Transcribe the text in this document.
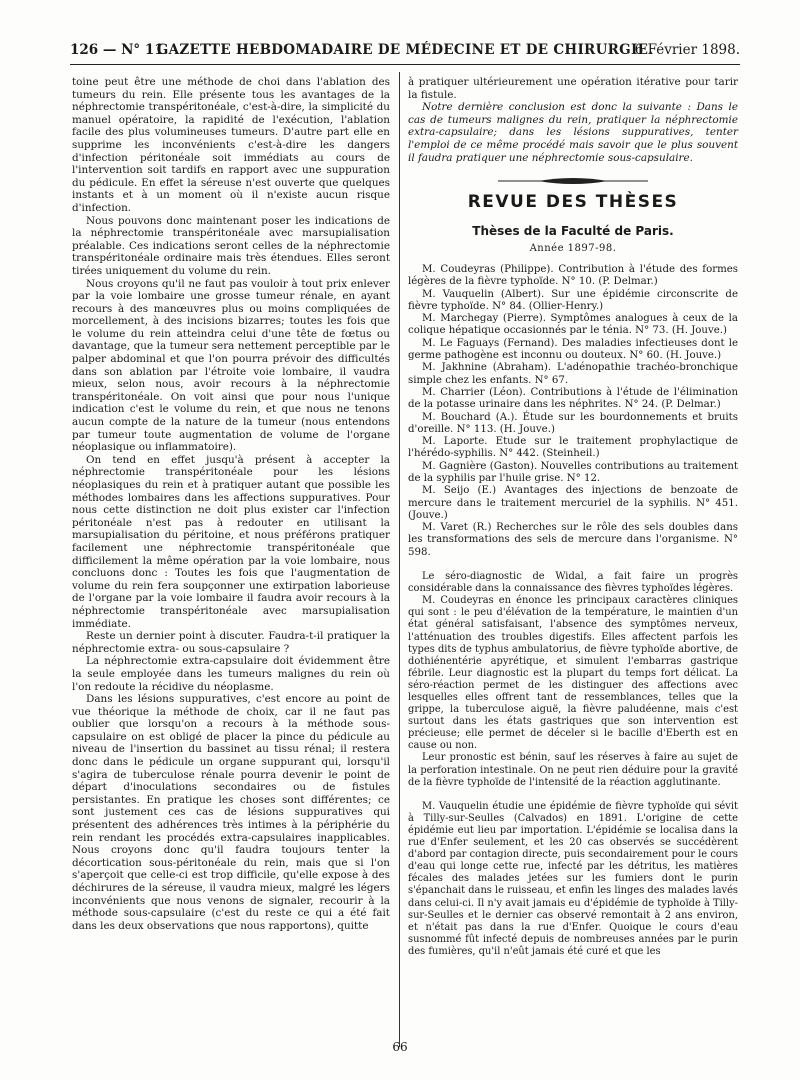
126 — N° 11.
GAZETTE HEBDOMADAIRE DE MÉDECINE ET DE CHIRURGIE.
6 Février 1898.

toine peut être une méthode de choi dans l'ablation des tumeurs du rein. Elle présente tous les avantages de la néphrectomie transpéritonéale, c'est-à-dire, la simplicité du manuel opératoire, la rapidité de l'exécution, l'ablation facile des plus volumineuses tumeurs. D'autre part elle en supprime les inconvénients c'est-à-dire les dangers d'infection péritonéale soit immédiats au cours de l'intervention soit tardifs en rapport avec une suppuration du pédicule. En effet la séreuse n'est ouverte que quelques instants et à un moment où il n'existe aucun risque d'infection.

Nous pouvons donc maintenant poser les indications de la néphrectomie transpéritonéale avec marsupialisation préalable. Ces indications seront celles de la néphrectomie transpéritonéale ordinaire mais très étendues. Elles seront tirées uniquement du volume du rein.

Nous croyons qu'il ne faut pas vouloir à tout prix enlever par la voie lombaire une grosse tumeur rénale, en ayant recours à des manœuvres plus ou moins compliquées de morcellement, à des incisions bizarres; toutes les fois que le volume du rein atteindra celui d'une tête de fœtus ou davantage, que la tumeur sera nettement perceptible par le palper abdominal et que l'on pourra prévoir des difficultés dans son ablation par l'étroite voie lombaire, il vaudra mieux, selon nous, avoir recours à la néphrectomie transpéritonéale. On voit ainsi que pour nous l'unique indication c'est le volume du rein, et que nous ne tenons aucun compte de la nature de la tumeur (nous entendons par tumeur toute augmentation de volume de l'organe néoplasique ou inflammatoire).

On tend en effet jusqu'à présent à accepter la néphrectomie transpéritonéale pour les lésions néoplasiques du rein et à pratiquer autant que possible les méthodes lombaires dans les affections suppuratives. Pour nous cette distinction ne doit plus exister car l'infection péritonéale n'est pas à redouter en utilisant la marsupialisation du péritoine, et nous préférons pratiquer facilement une néphrectomie transpéritonéale que difficilement la même opération par la voie lombaire, nous concluons donc : Toutes les fois que l'augmentation de volume du rein fera soupçonner une extirpation laborieuse de l'organe par la voie lombaire il faudra avoir recours à la néphrectomie transpéritonéale avec marsupialisation immédiate.

Reste un dernier point à discuter. Faudra-t-il pratiquer la néphrectomie extra- ou sous-capsulaire ?

La néphrectomie extra-capsulaire doit évidemment être la seule employée dans les tumeurs malignes du rein où l'on redoute la récidive du néoplasme.

Dans les lésions suppuratives, c'est encore au point de vue théorique la méthode de choix, car il ne faut pas oublier que lorsqu'on a recours à la méthode sous-capsulaire on est obligé de placer la pince du pédicule au niveau de l'insertion du bassinet au tissu rénal; il restera donc dans le pédicule un organe suppurant qui, lorsqu'il s'agira de tuberculose rénale pourra devenir le point de départ d'inoculations secondaires ou de fistules persistantes. En pratique les choses sont différentes; ce sont justement ces cas de lésions suppuratives qui présentent des adhérences très intimes à la périphérie du rein rendant les procédés extra-capsulaires inapplicables. Nous croyons donc qu'il faudra toujours tenter la décortication sous-péritonéale du rein, mais que si l'on s'aperçoit que celle-ci est trop difficile, qu'elle expose à des déchirures de la séreuse, il vaudra mieux, malgré les légers inconvénients que nous venons de signaler, recourir à la méthode sous-capsulaire (c'est du reste ce qui a été fait dans les deux observations que nous rapportons), quitte

à pratiquer ultérieurement une opération itérative pour tarir la fistule.

Notre dernière conclusion est donc la suivante : Dans le cas de tumeurs malignes du rein, pratiquer la néphrectomie extra-capsulaire; dans les lésions suppuratives, tenter l'emploi de ce même procédé mais savoir que le plus souvent il faudra pratiquer une néphrectomie sous-capsulaire.

REVUE DES THÈSES
Thèses de la Faculté de Paris.
Année 1897-98.

M. Coudeyras (Philippe). Contribution à l'étude des formes légères de la fièvre typhoïde. N° 10. (P. Delmar.)

M. Vauquelin (Albert). Sur une épidémie circonscrite de fièvre typhoïde. N° 84. (Ollier-Henry.)

M. Marchegay (Pierre). Symptômes analogues à ceux de la colique hépatique occasionnés par le ténia. N° 73. (H. Jouve.)

M. Le Faguays (Fernand). Des maladies infectieuses dont le germe pathogène est inconnu ou douteux. N° 60. (H. Jouve.)

M. Jakhnine (Abraham). L'adénopathie trachéo-bronchique simple chez les enfants. N° 67.

M. Charrier (Léon). Contributions à l'étude de l'élimination de la potasse urinaire dans les néphrites. N° 24. (P. Delmar.)

M. Bouchard (A.). Étude sur les bourdonnements et bruits d'oreille. N° 113. (H. Jouve.)

M. Laporte. Etude sur le traitement prophylactique de l'hérédo-syphilis. N° 442. (Steinheil.)

M. Gagnière (Gaston). Nouvelles contributions au traitement de la syphilis par l'huile grise. N° 12.

M. Seijo (E.) Avantages des injections de benzoate de mercure dans le traitement mercuriel de la syphilis. N° 451. (Jouve.)

M. Varet (R.) Recherches sur le rôle des sels doubles dans les transformations des sels de mercure dans l'organisme. N° 598.

Le séro-diagnostic de Widal, a fait faire un progrès considérable dans la connaissance des fièvres typhoïdes légères.

M. Coudeyras en énonce les principaux caractères cliniques qui sont : le peu d'élévation de la température, le maintien d'un état général satisfaisant, l'absence des symptômes nerveux, l'atténuation des troubles digestifs. Elles affectent parfois les types dits de typhus ambulatorius, de fièvre typhoïde abortive, de dothiénentérie apyrétique, et simulent l'embarras gastrique fébrile. Leur diagnostic est la plupart du temps fort délicat. La séro-réaction permet de les distinguer des affections avec lesquelles elles offrent tant de ressemblances, telles que la grippe, la tuberculose aiguë, la fièvre paludéenne, mais c'est surtout dans les états gastriques que son intervention est précieuse; elle permet de déceler si le bacille d'Eberth est en cause ou non.

Leur pronostic est bénin, sauf les réserves à faire au sujet de la perforation intestinale. On ne peut rien déduire pour la gravité de la fièvre typhoïde de l'intensité de la réaction agglutinante.

M. Vauquelin étudie une épidémie de fièvre typhoïde qui sévit à Tilly-sur-Seulles (Calvados) en 1891. L'origine de cette épidémie eut lieu par importation. L'épidémie se localisa dans la rue d'Enfer seulement, et les 20 cas observés se succédèrent d'abord par contagion directe, puis secondairement pour le cours d'eau qui longe cette rue, infecté par les détritus, les matières fécales des malades jetées sur les fumiers dont le purin s'épanchait dans le ruisseau, et enfin les linges des malades lavés dans celui-ci. Il n'y avait jamais eu d'épidémie de typhoïde à Tilly-sur-Seulles et le dernier cas observé remontait à 2 ans environ, et n'était pas dans la rue d'Enfer. Quoique le cours d'eau susnommé fût infecté depuis de nombreuses années par le purin des fumières, qu'il n'eût jamais été curé et que les

66
